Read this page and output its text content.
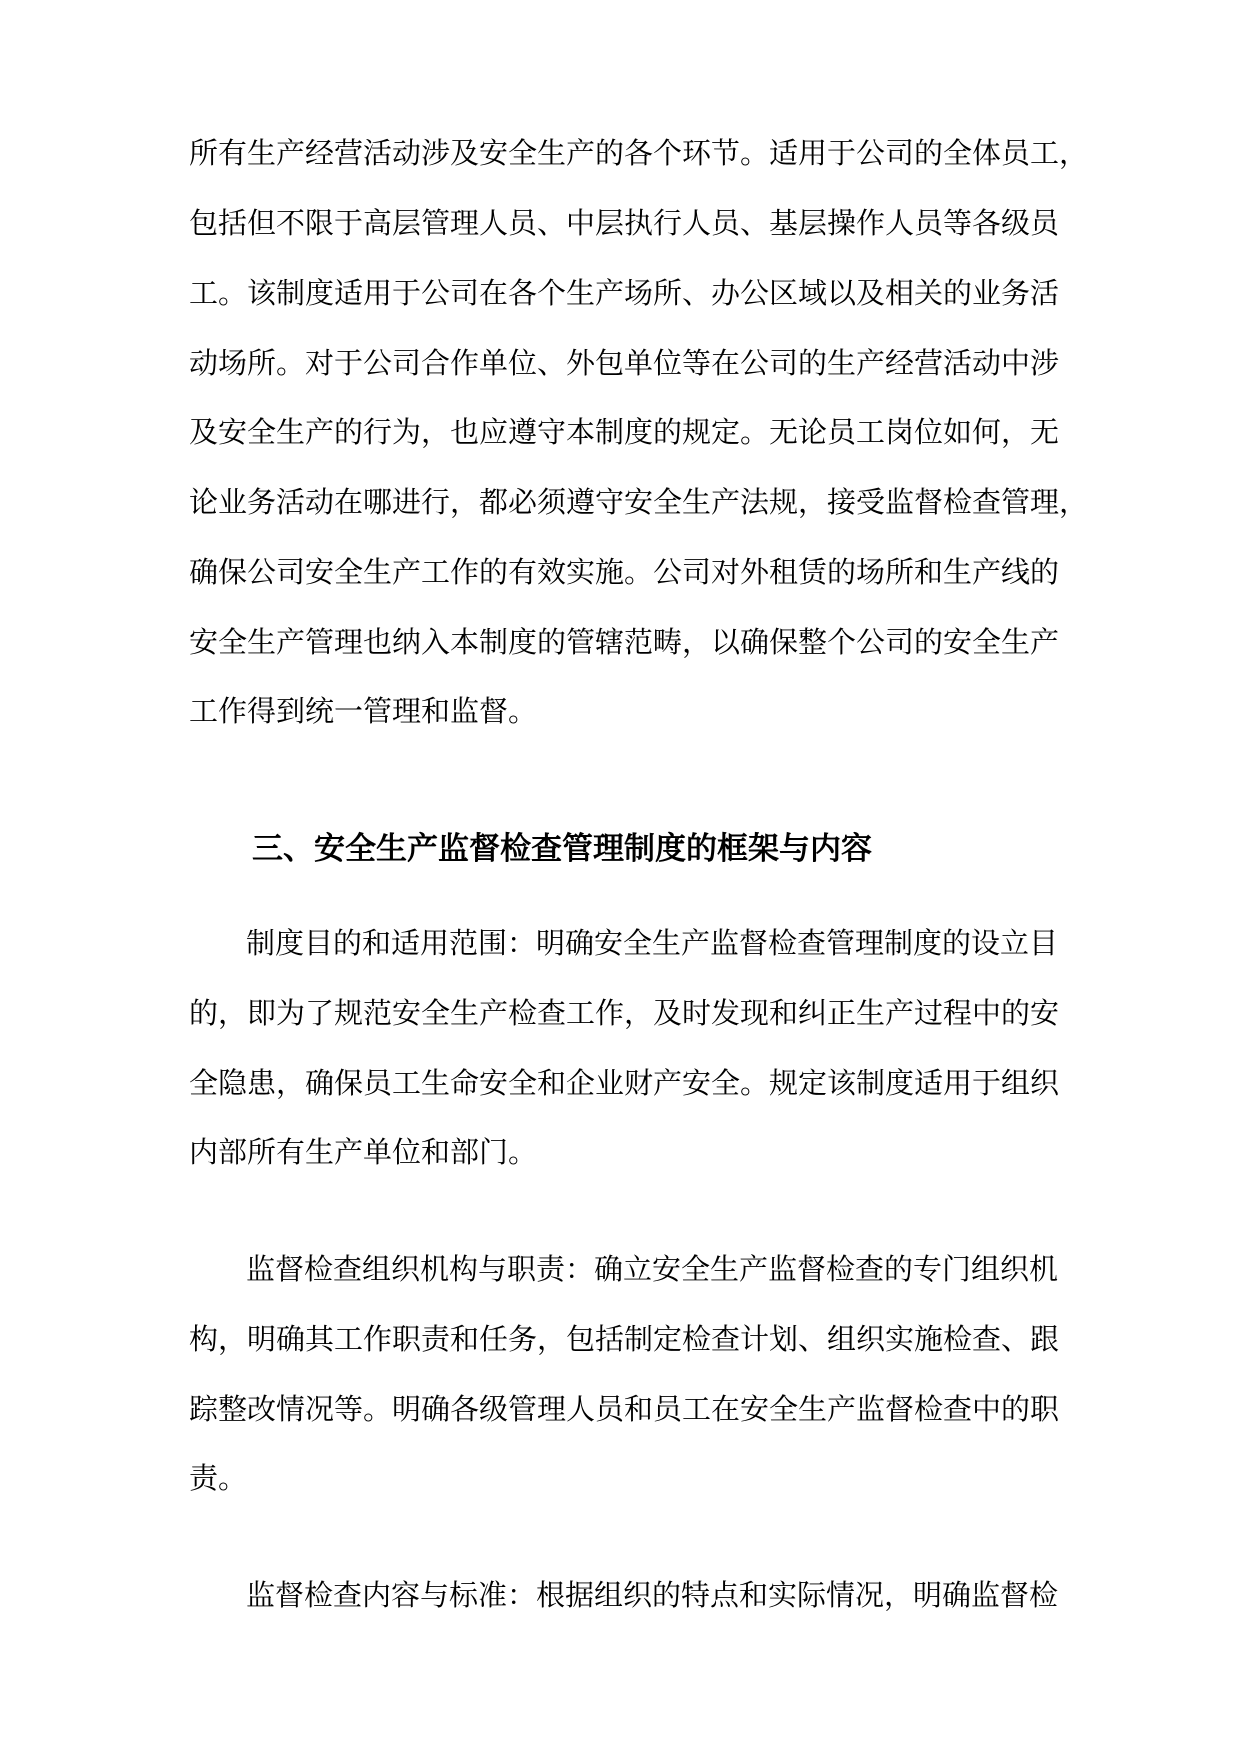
所有生产经营活动涉及安全生产的各个环节。适用于公司的全体员工，
包括但不限于高层管理人员、中层执行人员、基层操作人员等各级员
工。该制度适用于公司在各个生产场所、办公区域以及相关的业务活
动场所。对于公司合作单位、外包单位等在公司的生产经营活动中涉
及安全生产的行为，也应遵守本制度的规定。无论员工岗位如何，无
论业务活动在哪进行，都必须遵守安全生产法规，接受监督检查管理，
确保公司安全生产工作的有效实施。公司对外租赁的场所和生产线的
安全生产管理也纳入本制度的管辖范畴，以确保整个公司的安全生产
工作得到统一管理和监督。
三、安全生产监督检查管理制度的框架与内容
制度目的和适用范围：明确安全生产监督检查管理制度的设立目
的，即为了规范安全生产检查工作，及时发现和纠正生产过程中的安
全隐患，确保员工生命安全和企业财产安全。规定该制度适用于组织
内部所有生产单位和部门。
监督检查组织机构与职责：确立安全生产监督检查的专门组织机
构，明确其工作职责和任务，包括制定检查计划、组织实施检查、跟
踪整改情况等。明确各级管理人员和员工在安全生产监督检查中的职
责。
监督检查内容与标准：根据组织的特点和实际情况，明确监督检
